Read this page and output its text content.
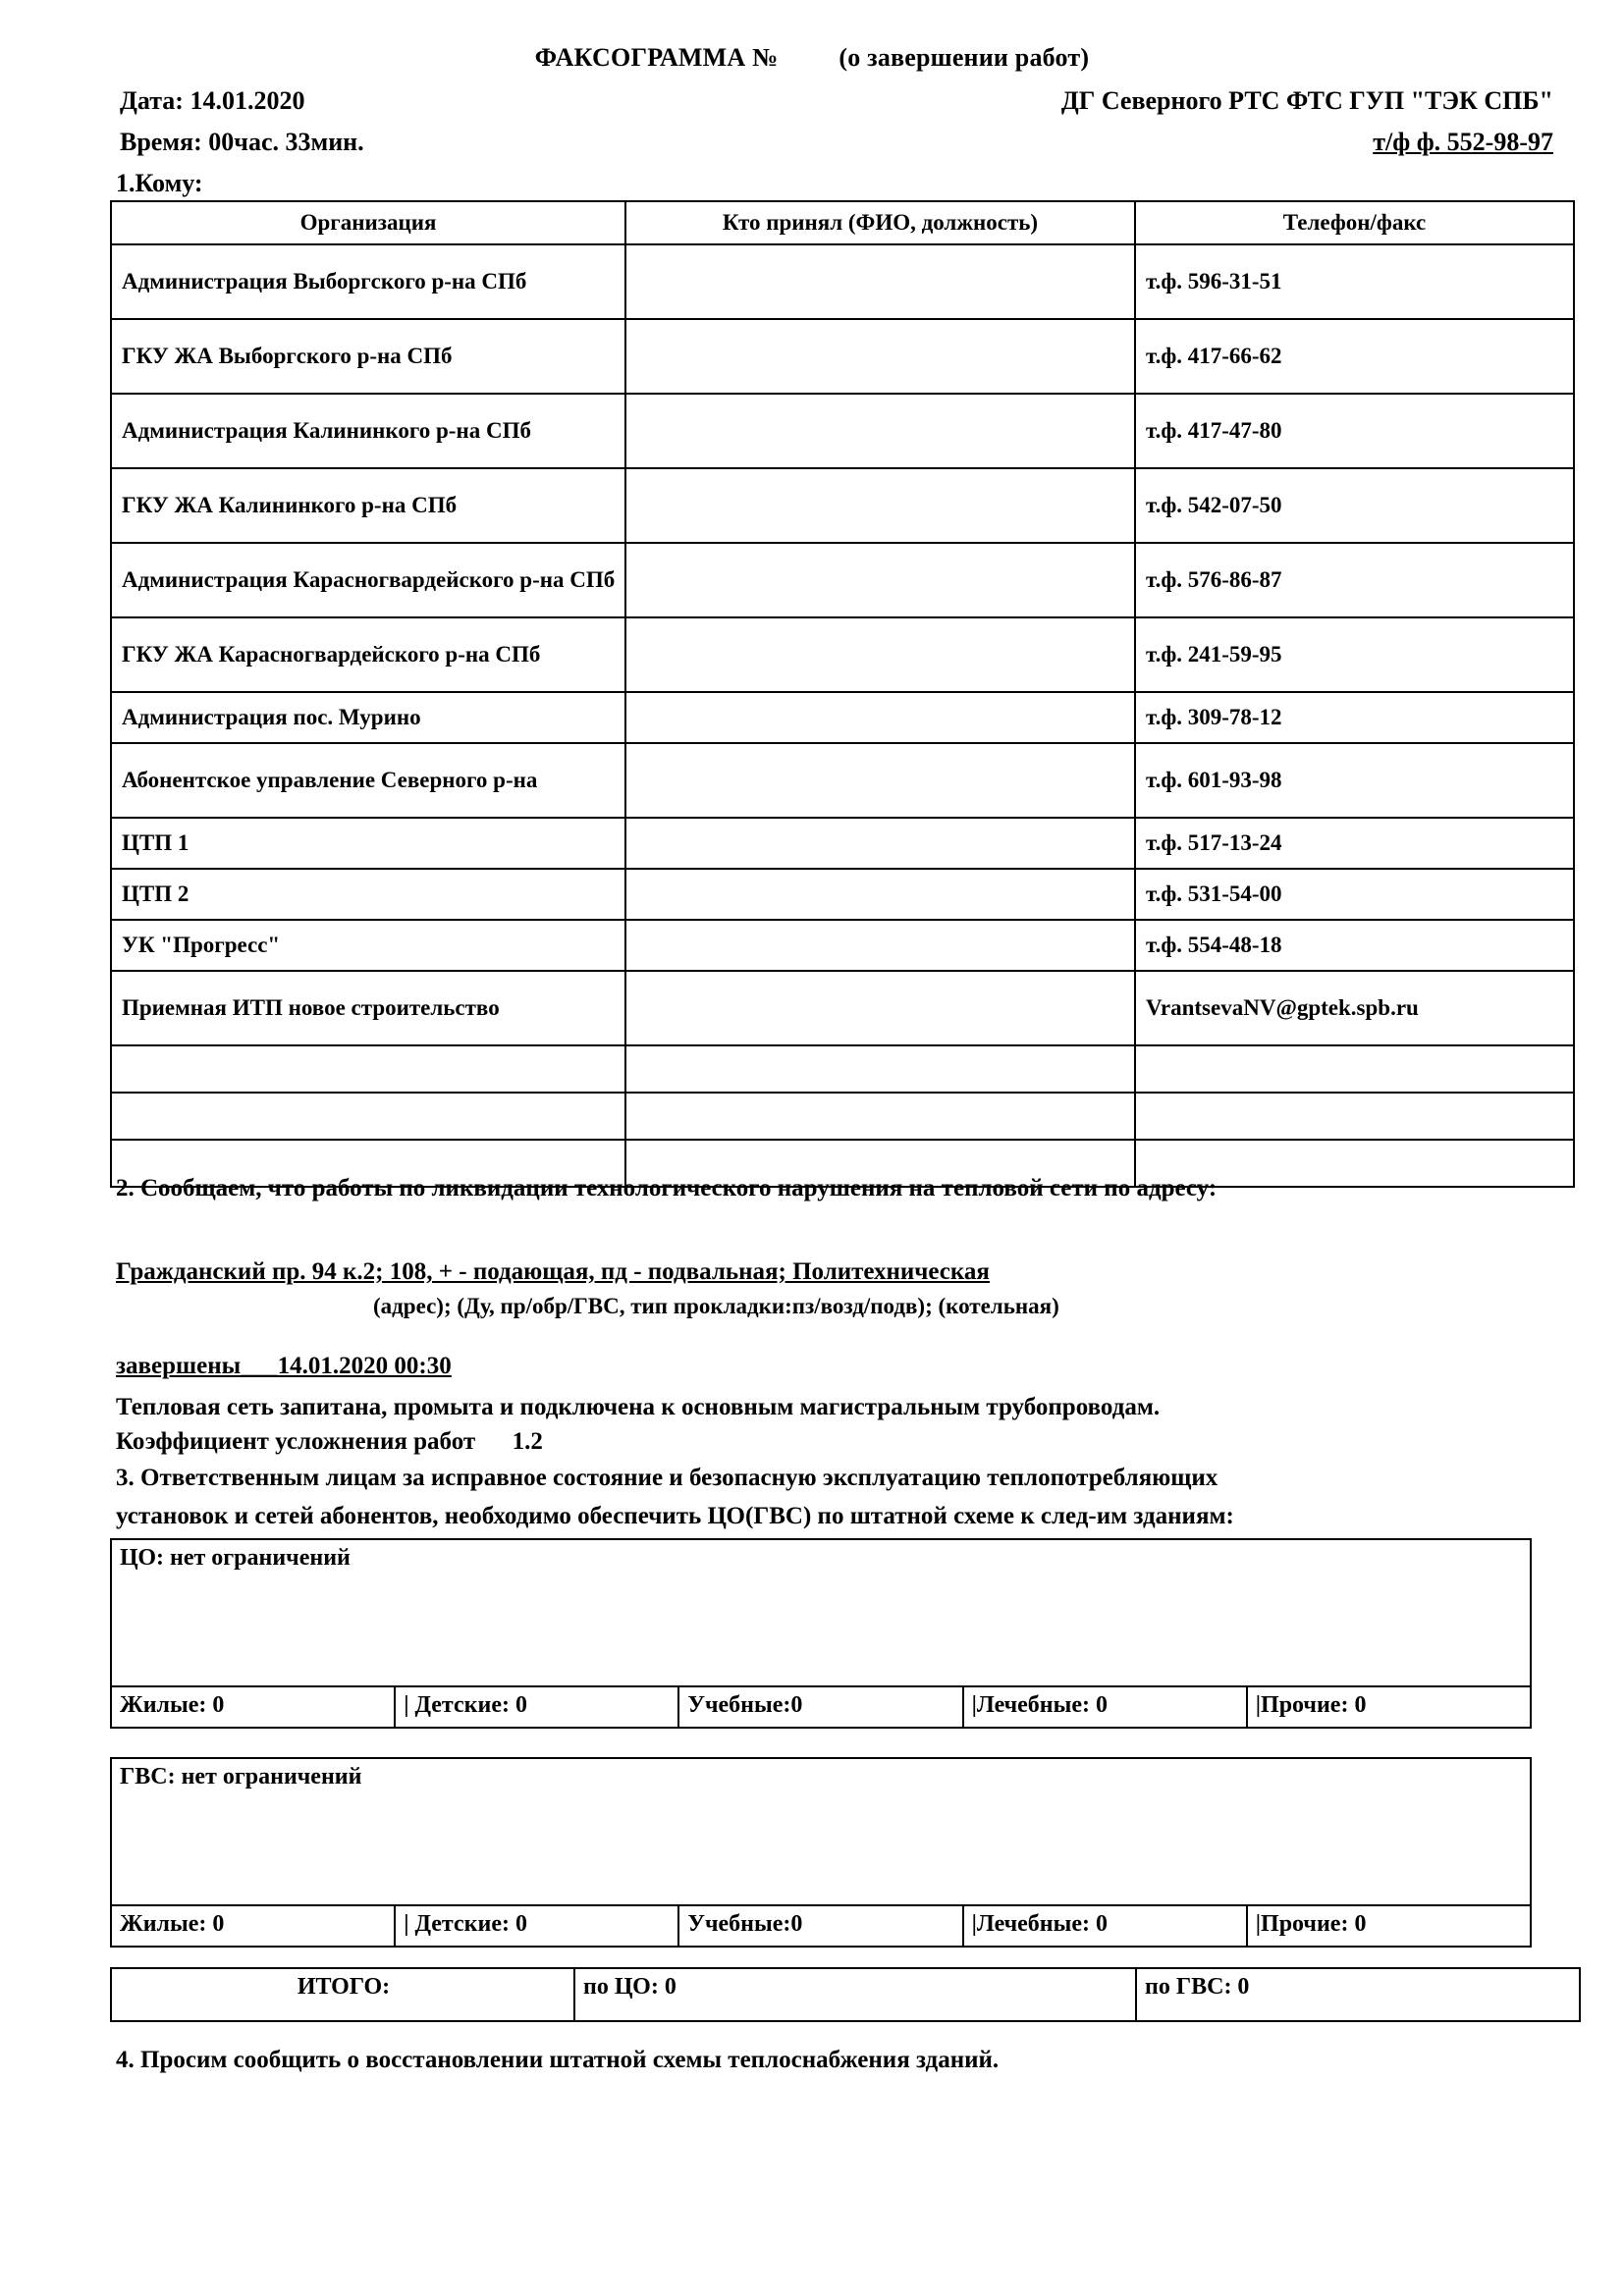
ФАКСОГРАММА № (о завершении работ)
Дата: 14.01.2020
Время: 00час. 33мин.
1.Кому:
ДГ Северного РТС ФТС ГУП "ТЭК СПБ"
т/ф ф. 552-98-97
Организация	Кто принял (ФИО, должность)	Телефон/факс
Администрация Выборгского р-на СПб		т.ф. 596-31-51
ГКУ ЖА Выборгского р-на СПб		т.ф. 417-66-62
Администрация Калининкого р-на СПб		т.ф. 417-47-80
ГКУ ЖА Калининкого р-на СПб		т.ф. 542-07-50
Администрация Карасногвардейского р-на СПб		т.ф. 576-86-87
ГКУ ЖА Карасногвардейского р-на СПб		т.ф. 241-59-95
Администрация пос. Мурино		т.ф. 309-78-12
Абонентское управление Северного р-на		т.ф. 601-93-98
ЦТП 1		т.ф. 517-13-24
ЦТП 2		т.ф. 531-54-00
УК "Прогресс"		т.ф. 554-48-18
Приемная ИТП новое строительство		VrantsevaNV@gptek.spb.ru

2. Сообщаем, что работы по ликвидации технологического нарушения на тепловой сети по адресу:
Гражданский пр. 94 к.2; 108, + - подающая, пд - подвальная; Политехническая
(адрес); (Ду, пр/обр/ГВС, тип прокладки:пз/возд/подв); (котельная)
завершены___14.01.2020 00:30
Тепловая сеть запитана, промыта и подключена к основным магистральным трубопроводам.
Коэффициент усложнения работ 1.2
3. Ответственным лицам за исправное состояние и безопасную эксплуатацию теплопотребляющих
установок и сетей абонентов, необходимо обеспечить ЦО(ГВС) по штатной схеме к след-им зданиям:
ЦО: нет ограничений
Жилые: 0	| Детские: 0	Учебные:0	|Лечебные: 0	|Прочие: 0
ГВС: нет ограничений
Жилые: 0	| Детские: 0	Учебные:0	|Лечебные: 0	|Прочие: 0
ИТОГО:	по ЦО: 0	по ГВС: 0
4. Просим сообщить о восстановлении штатной схемы теплоснабжения зданий.
